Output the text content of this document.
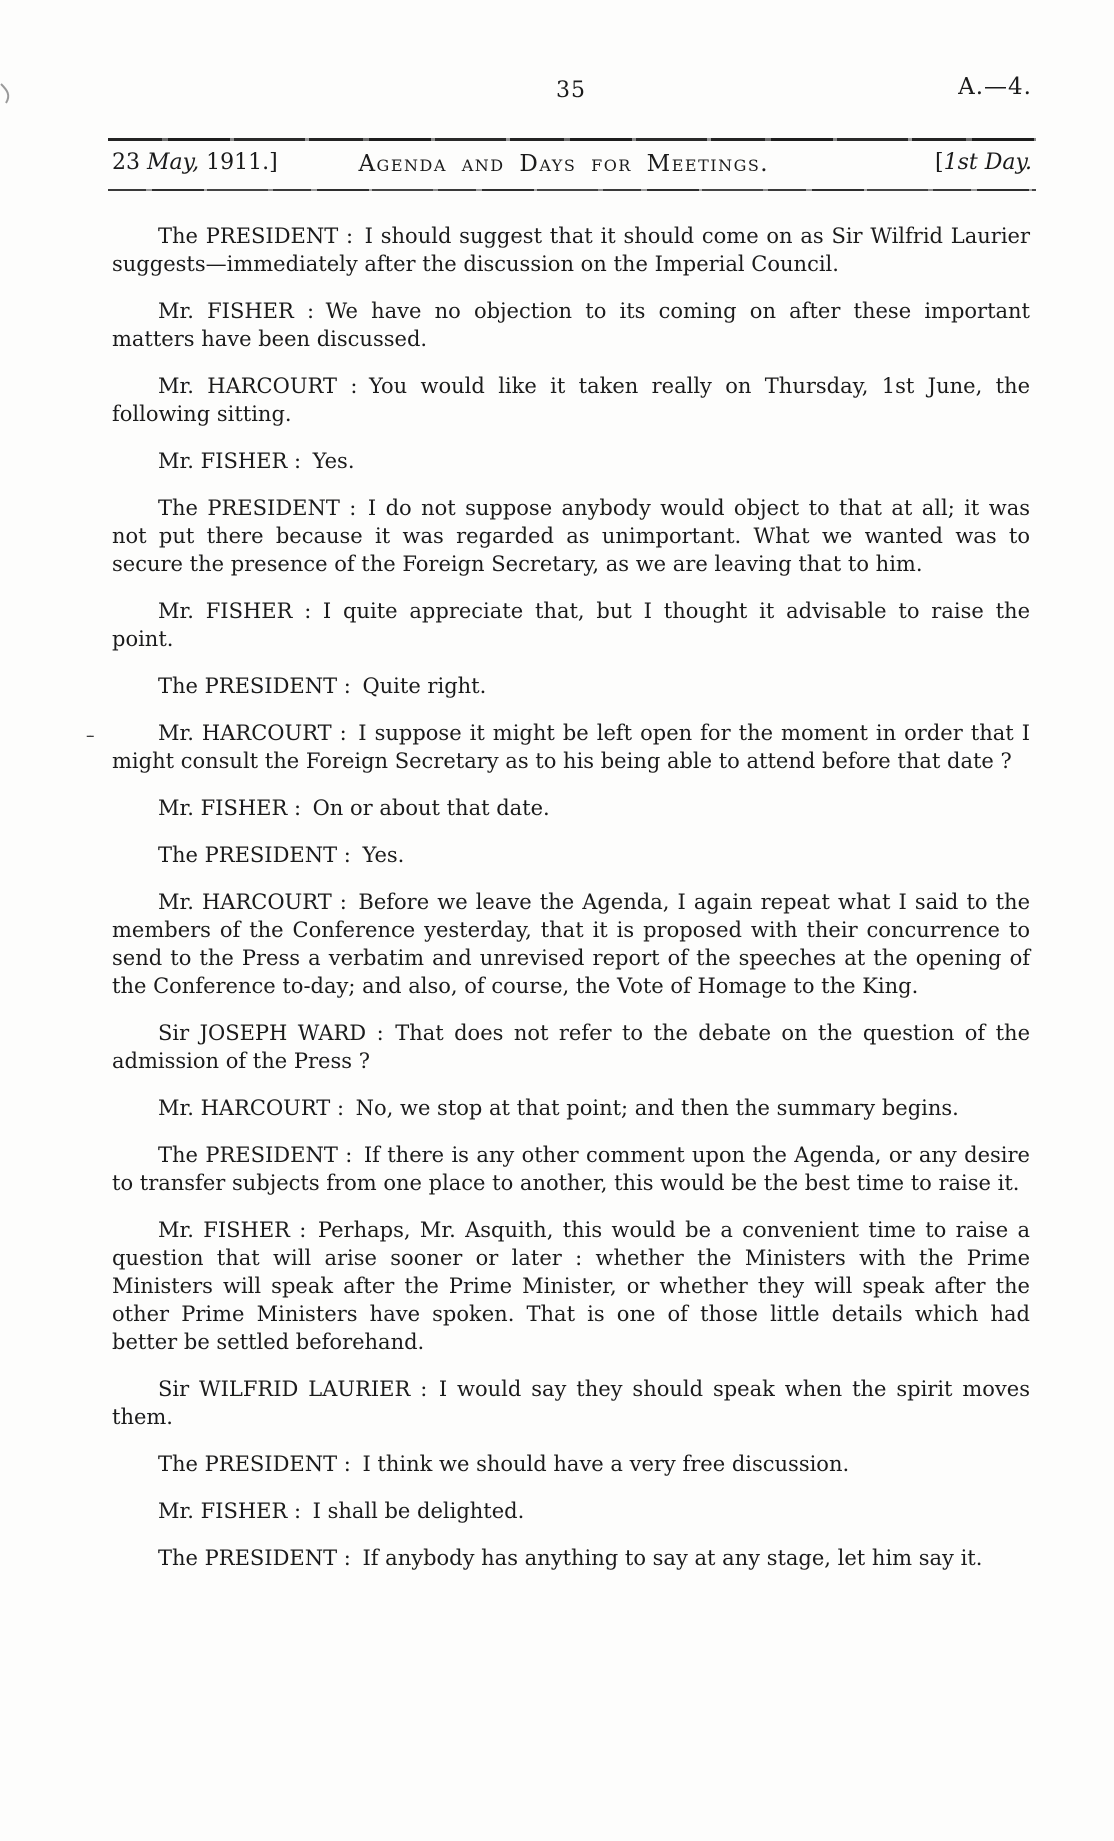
35	A.—4.
23 May, 1911.]	Agenda and Days for Meetings.	[1st Day.
--

The PRESIDENT : I should suggest that it should come on as Sir Wilfrid Laurier suggests—immediately after the discussion on the Imperial Council.

Mr. FISHER : We have no objection to its coming on after these important matters have been discussed.

Mr. HARCOURT : You would like it taken really on Thursday, 1st June, the following sitting.

Mr. FISHER : Yes.

The PRESIDENT : I do not suppose anybody would object to that at all; it was not put there because it was regarded as unimportant. What we wanted was to secure the presence of the Foreign Secretary, as we are leaving that to him.

Mr. FISHER : I quite appreciate that, but I thought it advisable to raise the point.

The PRESIDENT : Quite right.

Mr. HARCOURT : I suppose it might be left open for the moment in order that I might consult the Foreign Secretary as to his being able to attend before that date ?

Mr. FISHER : On or about that date.

The PRESIDENT : Yes.

Mr. HARCOURT : Before we leave the Agenda, I again repeat what I said to the members of the Conference yesterday, that it is proposed with their concurrence to send to the Press a verbatim and unrevised report of the speeches at the opening of the Conference to-day; and also, of course, the Vote of Homage to the King.

Sir JOSEPH WARD : That does not refer to the debate on the question of the admission of the Press ?

Mr. HARCOURT : No, we stop at that point; and then the summary begins.

The PRESIDENT : If there is any other comment upon the Agenda, or any desire to transfer subjects from one place to another, this would be the best time to raise it.

Mr. FISHER : Perhaps, Mr. Asquith, this would be a convenient time to raise a question that will arise sooner or later : whether the Ministers with the Prime Ministers will speak after the Prime Minister, or whether they will speak after the other Prime Ministers have spoken. That is one of those little details which had better be settled beforehand.

Sir WILFRID LAURIER : I would say they should speak when the spirit moves them.

The PRESIDENT : I think we should have a very free discussion.

Mr. FISHER : I shall be delighted.

The PRESIDENT : If anybody has anything to say at any stage, let him say it.
